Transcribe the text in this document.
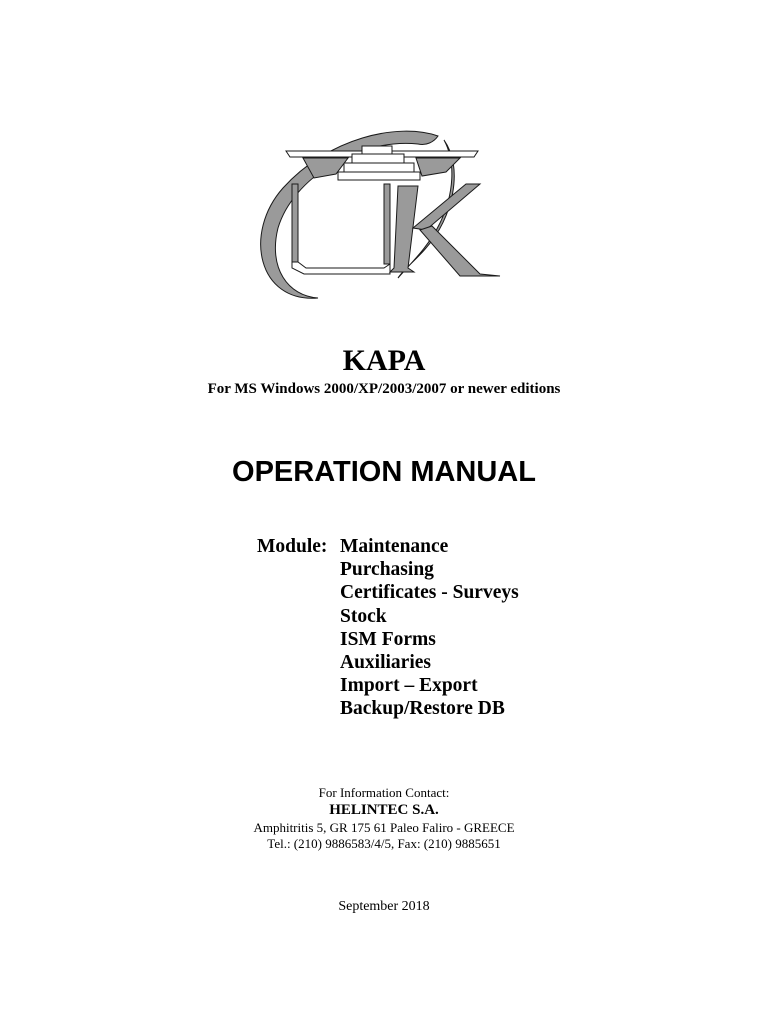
KAPA
For MS Windows 2000/XP/2003/2007 or newer editions
OPERATION MANUAL
Module: Maintenance
Purchasing
Certificates - Surveys
Stock
ISM Forms
Auxiliaries
Import – Export
Backup/Restore DB
For Information Contact:
HELINTEC S.A.
Amphitritis 5, GR 175 61 Paleo Faliro - GREECE
Tel.: (210) 9886583/4/5, Fax: (210) 9885651
September 2018
